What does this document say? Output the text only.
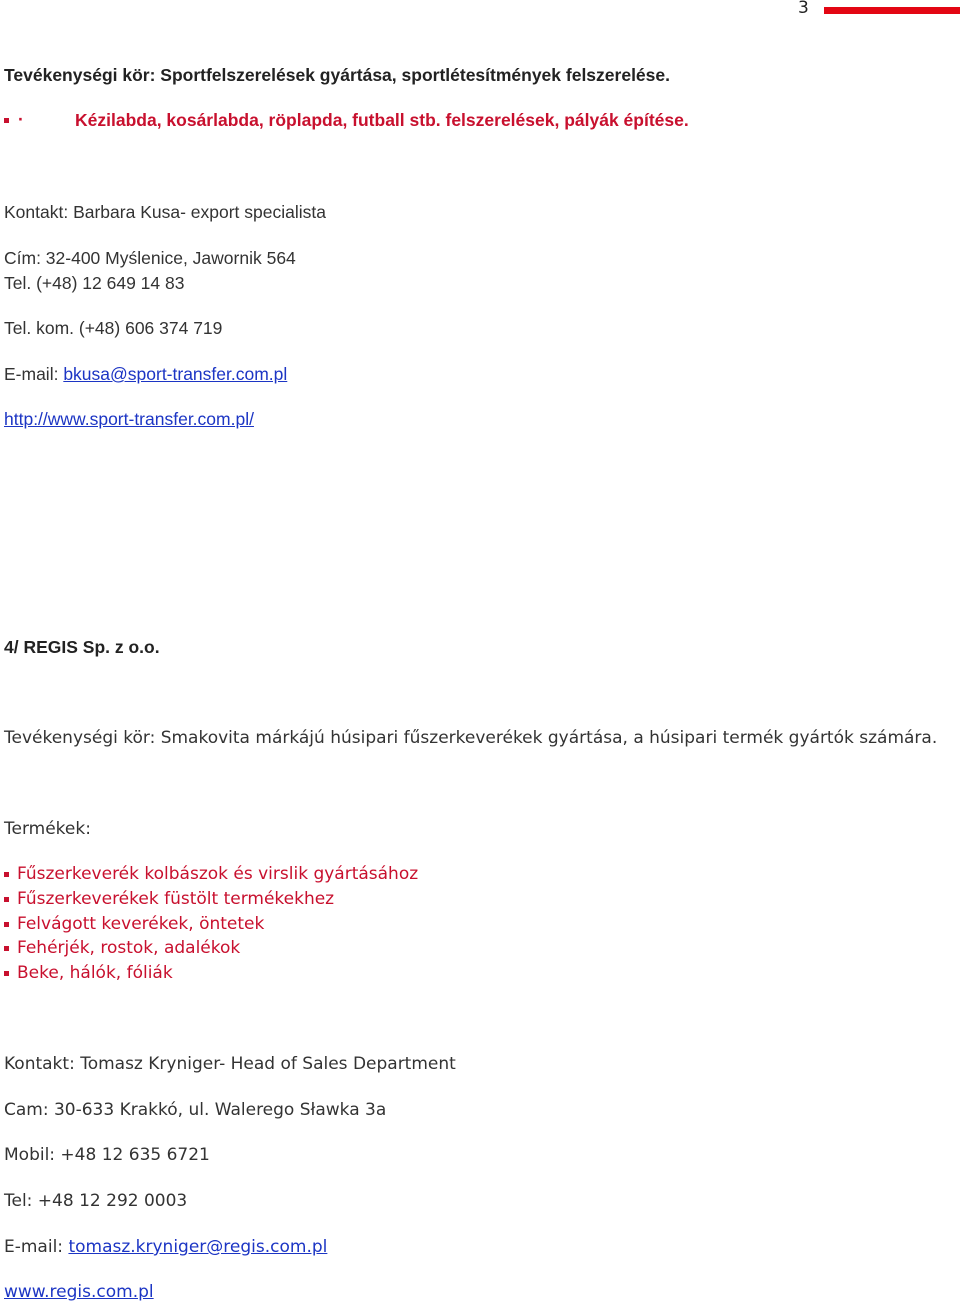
3
Tevékenységi kör: Sportfelszerelések gyártása, sportlétesítmények felszerelése.
·	Kézilabda, kosárlabda, röplapda, futball stb. felszerelések, pályák építése.
Kontakt: Barbara Kusa- export specialista
Cím: 32-400 Myślenice, Jawornik 564
Tel. (+48) 12 649 14 83
Tel. kom. (+48) 606 374 719
E-mail: bkusa@sport-transfer.com.pl
http://www.sport-transfer.com.pl/
4/ REGIS Sp. z o.o.
Tevékenységi kör: Smakovita márkájú húsipari fűszerkeverékek gyártása, a húsipari termék gyártók számára.
Termékek:
Fűszerkeverék kolbászok és virslik gyártásához
Fűszerkeverékek füstölt termékekhez
Felvágott keverékek, öntetek
Fehérjék, rostok, adalékok
Beke, hálók, fóliák
Kontakt: Tomasz Kryniger- Head of Sales Department
Cam: 30-633 Krakkó, ul. Walerego Sławka 3a
Mobil: +48 12 635 6721
Tel: +48 12 292 0003
E-mail: tomasz.kryniger@regis.com.pl
www.regis.com.pl
